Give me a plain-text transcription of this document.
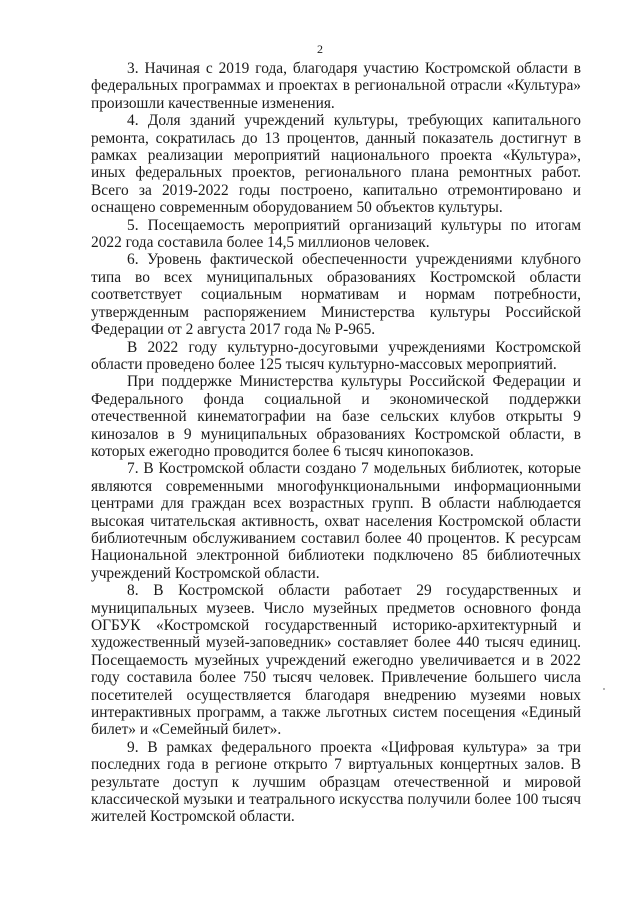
2

3. Начиная с 2019 года, благодаря участию Костромской области в федеральных программах и проектах в региональной отрасли «Культура» произошли качественные изменения.

4. Доля зданий учреждений культуры, требующих капитального ремонта, сократилась до 13 процентов, данный показатель достигнут в рамках реализации мероприятий национального проекта «Культура», иных федеральных проектов, регионального плана ремонтных работ. Всего за 2019-2022 годы построено, капитально отремонтировано и оснащено современным оборудованием 50 объектов культуры.

5. Посещаемость мероприятий организаций культуры по итогам 2022 года составила более 14,5 миллионов человек.

6. Уровень фактической обеспеченности учреждениями клубного типа во всех муниципальных образованиях Костромской области соответствует социальным нормативам и нормам потребности, утвержденным распоряжением Министерства культуры Российской Федерации от 2 августа 2017 года № Р-965.

В 2022 году культурно-досуговыми учреждениями Костромской области проведено более 125 тысяч культурно-массовых мероприятий.

При поддержке Министерства культуры Российской Федерации и Федерального фонда социальной и экономической поддержки отечественной кинематографии на базе сельских клубов открыты 9 кинозалов в 9 муниципальных образованиях Костромской области, в которых ежегодно проводится более 6 тысяч кинопоказов.

7. В Костромской области создано 7 модельных библиотек, которые являются современными многофункциональными информационными центрами для граждан всех возрастных групп. В области наблюдается высокая читательская активность, охват населения Костромской области библиотечным обслуживанием составил более 40 процентов. К ресурсам Национальной электронной библиотеки подключено 85 библиотечных учреждений Костромской области.

8. В Костромской области работает 29 государственных и муниципальных музеев. Число музейных предметов основного фонда ОГБУК «Костромской государственный историко-архитектурный и художественный музей-заповедник» составляет более 440 тысяч единиц. Посещаемость музейных учреждений ежегодно увеличивается и в 2022 году составила более 750 тысяч человек. Привлечение большего числа посетителей осуществляется благодаря внедрению музеями новых интерактивных программ, а также льготных систем посещения «Единый билет» и «Семейный билет».

9. В рамках федерального проекта «Цифровая культура» за три последних года в регионе открыто 7 виртуальных концертных залов. В результате доступ к лучшим образцам отечественной и мировой классической музыки и театрального искусства получили более 100 тысяч жителей Костромской области.
